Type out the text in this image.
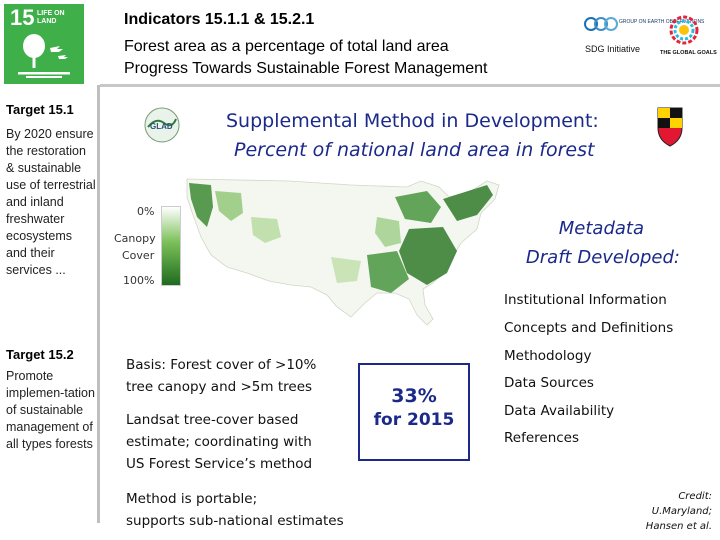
15 LIFE ON LAND	Indicators 15.1.1 & 15.2.1
Forest area as a percentage of total land area
Progress Towards Sustainable Forest Management
GROUP ON EARTH OBSERVATIONS
SDG Initiative	THE GLOBAL GOALS
GLAD
Target 15.1
By 2020 ensure the restoration & sustainable use of terrestrial and inland freshwater ecosystems and their services ...
Target 15.2
Promote implemen-tation of sustainable management of all types forests
Supplemental Method in Development:
Percent of national land area in forest
0%
Canopy
Cover
100%
Metadata
Draft Developed:
Institutional Information
Concepts and Definitions
Methodology
Data Sources
Data Availability
References
Basis: Forest cover of >10%
tree canopy and >5m trees
Landsat tree-cover based
estimate; coordinating with
US Forest Service’s method
Method is portable;
supports sub-national estimates
33%
for 2015
Credit:
U.Maryland;
Hansen et al.
